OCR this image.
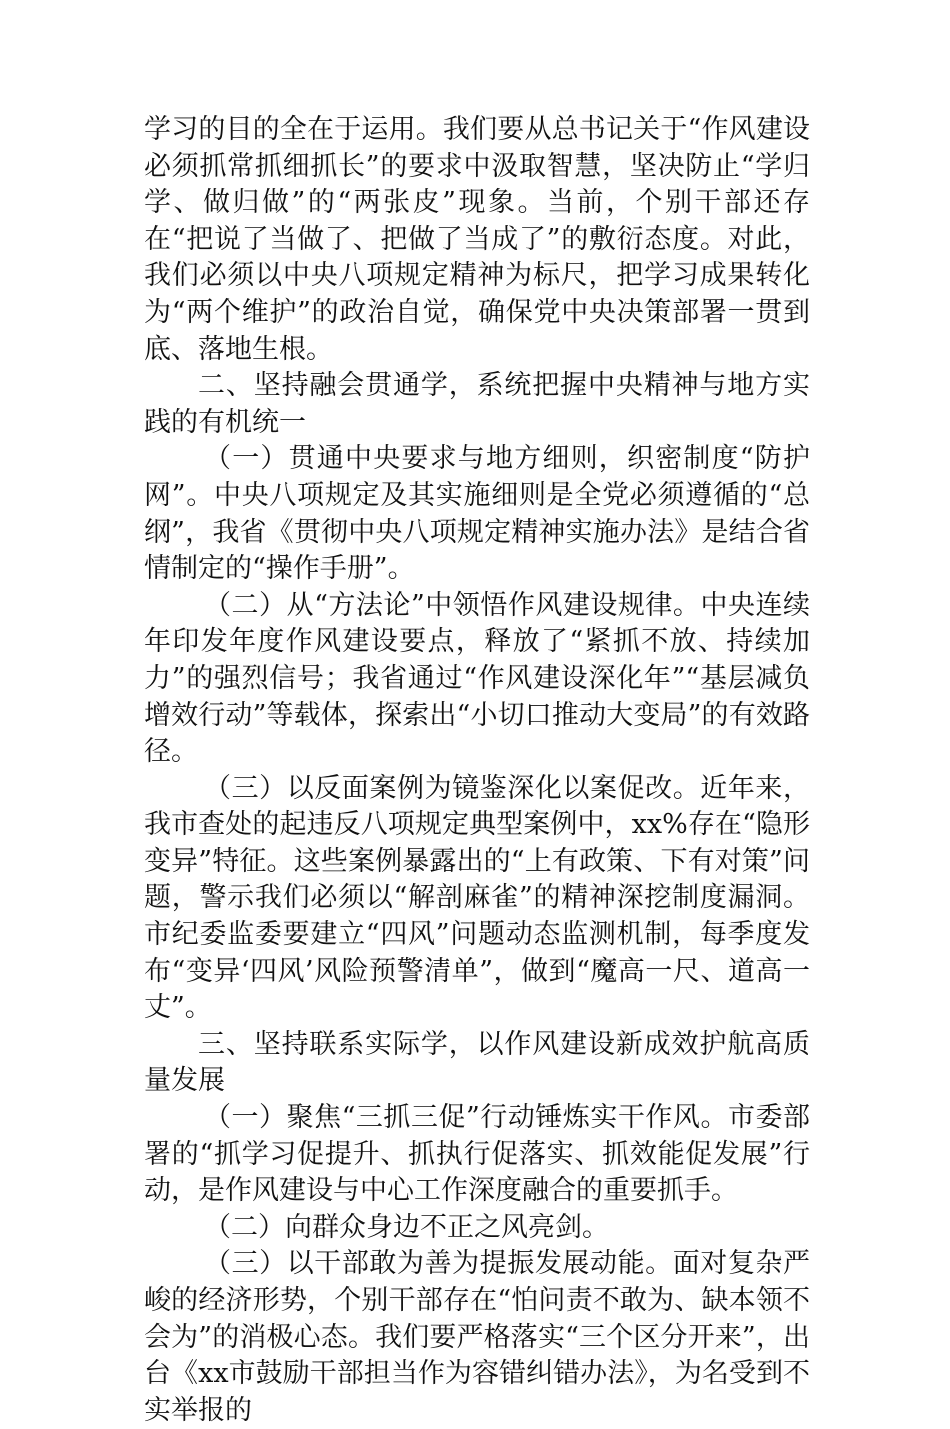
学习的目的全在于运用。我们要从总书记关于“作风建设必须抓常抓细抓长”的要求中汲取智慧，坚决防止“学归学、做归做”的“两张皮”现象。当前，个别干部还存在“把说了当做了、把做了当成了”的敷衍态度。对此，我们必须以中央八项规定精神为标尺，把学习成果转化为“两个维护”的政治自觉，确保党中央决策部署一贯到底、落地生根。

二、坚持融会贯通学，系统把握中央精神与地方实践的有机统一

（一）贯通中央要求与地方细则，织密制度“防护网”。中央八项规定及其实施细则是全党必须遵循的“总纲”，我省《贯彻中央八项规定精神实施办法》是结合省情制定的“操作手册”。

（二）从“方法论”中领悟作风建设规律。中央连续年印发年度作风建设要点，释放了“紧抓不放、持续加力”的强烈信号；我省通过“作风建设深化年”“基层减负增效行动”等载体，探索出“小切口推动大变局”的有效路径。

（三）以反面案例为镜鉴深化以案促改。近年来，我市查处的起违反八项规定典型案例中，xx%存在“隐形变异”特征。这些案例暴露出的“上有政策、下有对策”问题，警示我们必须以“解剖麻雀”的精神深挖制度漏洞。市纪委监委要建立“四风”问题动态监测机制，每季度发布“变异‘四风’风险预警清单”，做到“魔高一尺、道高一丈”。

三、坚持联系实际学，以作风建设新成效护航高质量发展

（一）聚焦“三抓三促”行动锤炼实干作风。市委部署的“抓学习促提升、抓执行促落实、抓效能促发展”行动，是作风建设与中心工作深度融合的重要抓手。

（二）向群众身边不正之风亮剑。

（三）以干部敢为善为提振发展动能。面对复杂严峻的经济形势，个别干部存在“怕问责不敢为、缺本领不会为”的消极心态。我们要严格落实“三个区分开来”，出台《xx市鼓励干部担当作为容错纠错办法》，为名受到不实举报的
